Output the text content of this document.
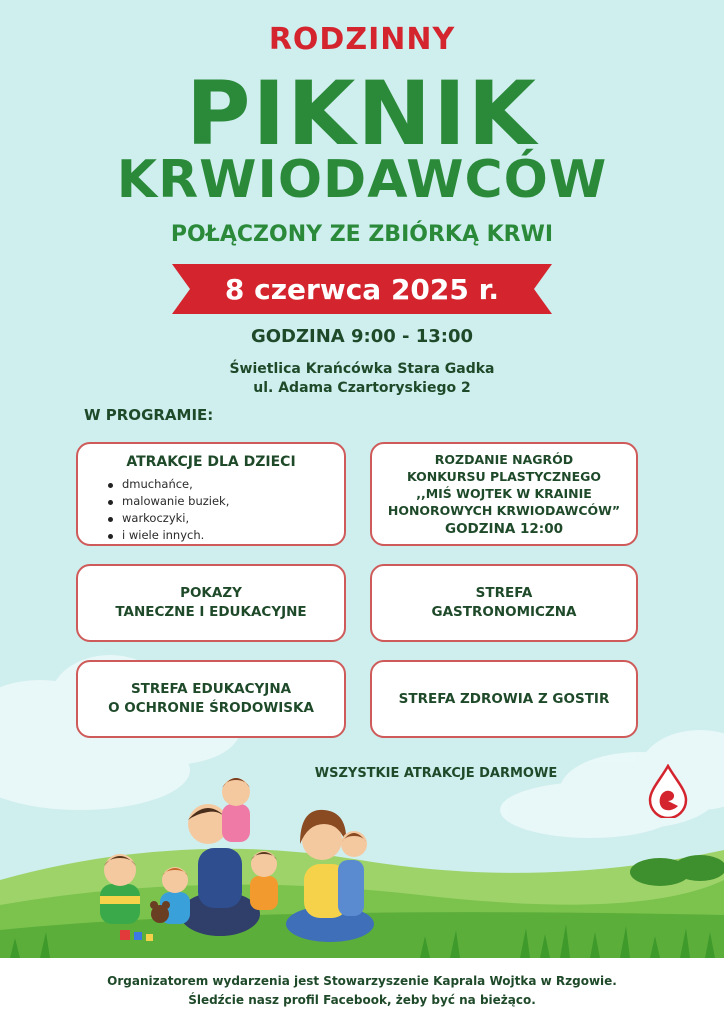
RODZINNY
PIKNIK
KRWIODAWCÓW
POŁĄCZONY ZE ZBIÓRKĄ KRWI
8 czerwca 2025 r.
GODZINA 9:00 - 13:00
Świetlica Krańcówka Stara Gadka
ul. Adama Czartoryskiego 2
W PROGRAMIE:
ATRAKCJE DLA DZIECI
dmuchańce,
malowanie buziek,
warkoczyki,
i wiele innych.
ROZDANIE NAGRÓD
KONKURSU PLASTYCZNEGO
,,MIŚ WOJTEK W KRAINIE
HONOROWYCH KRWIODAWCÓW”
GODZINA 12:00
POKAZY
TANECZNE I EDUKACYJNE
STREFA
GASTRONOMICZNA
STREFA EDUKACYJNA
O OCHRONIE ŚRODOWISKA
STREFA ZDROWIA Z GOSTIR
WSZYSTKIE ATRAKCJE DARMOWE
Organizatorem wydarzenia jest Stowarzyszenie Kaprala Wojtka w Rzgowie.
Śledźcie nasz profil Facebook, żeby być na bieżąco.
